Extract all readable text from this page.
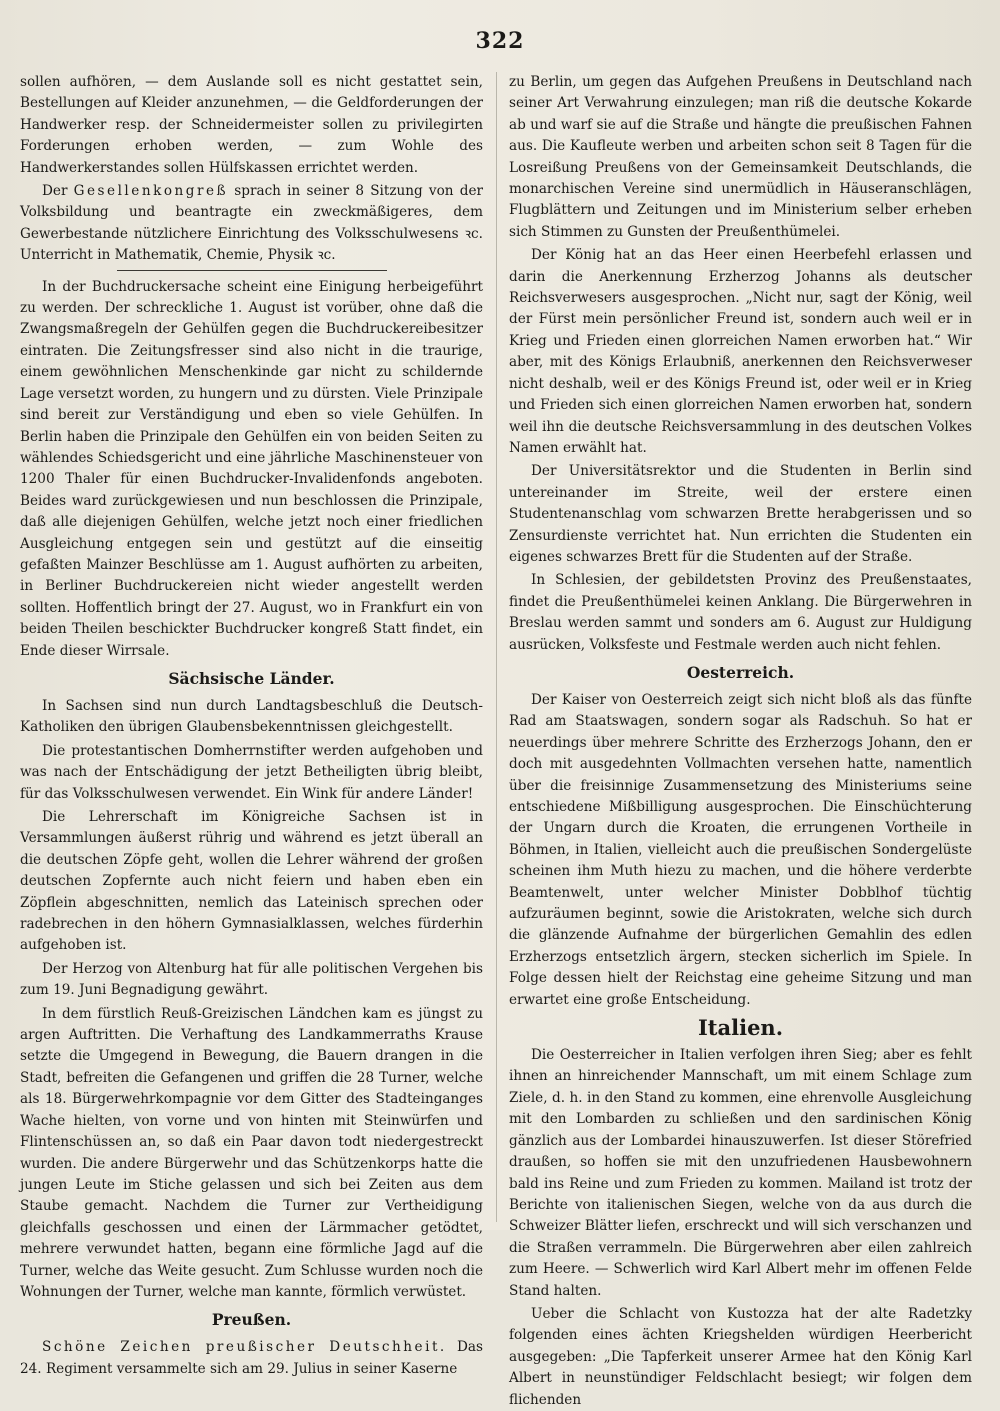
322

sollen aufhören, — dem Auslande soll es nicht gestattet sein, Bestellungen auf Kleider anzunehmen, — die Geldforderungen der Handwerker resp. der Schneidermeister sollen zu privilegirten Forderungen erhoben werden, — zum Wohle des Handwerkerstandes sollen Hülfskassen errichtet werden.

Der Gesellenkongreß sprach in seiner 8 Sitzung von der Volksbildung und beantragte ein zweckmäßigeres, dem Gewerbestande nützlichere Einrichtung des Volksschulwesens ꝛc. Unterricht in Mathematik, Chemie, Physik ꝛc.

In der Buchdruckersache scheint eine Einigung herbeigeführt zu werden. Der schreckliche 1. August ist vorüber, ohne daß die Zwangsmaßregeln der Gehülfen gegen die Buchdruckereibesitzer eintraten. Die Zeitungsfresser sind also nicht in die traurige, einem gewöhnlichen Menschenkinde gar nicht zu schildernde Lage versetzt worden, zu hungern und zu dürsten. Viele Prinzipale sind bereit zur Verständigung und eben so viele Gehülfen. In Berlin haben die Prinzipale den Gehülfen ein von beiden Seiten zu wählendes Schiedsgericht und eine jährliche Maschinensteuer von 1200 Thaler für einen Buchdrucker-Invalidenfonds angeboten. Beides ward zurückgewiesen und nun beschlossen die Prinzipale, daß alle diejenigen Gehülfen, welche jetzt noch einer friedlichen Ausgleichung entgegen sein und gestützt auf die einseitig gefaßten Mainzer Beschlüsse am 1. August aufhörten zu arbeiten, in Berliner Buchdruckereien nicht wieder angestellt werden sollten. Hoffentlich bringt der 27. August, wo in Frankfurt ein von beiden Theilen beschickter Buchdrucker kongreß Statt findet, ein Ende dieser Wirrsale.

Sächsische Länder.

In Sachsen sind nun durch Landtagsbeschluß die Deutsch-Katholiken den übrigen Glaubensbekenntnissen gleichgestellt.

Die protestantischen Domherrnstifter werden aufgehoben und was nach der Entschädigung der jetzt Betheiligten übrig bleibt, für das Volksschulwesen verwendet. Ein Wink für andere Länder!

Die Lehrerschaft im Königreiche Sachsen ist in Versammlungen äußerst rührig und während es jetzt überall an die deutschen Zöpfe geht, wollen die Lehrer während der großen deutschen Zopfernte auch nicht feiern und haben eben ein Zöpflein abgeschnitten, nemlich das Lateinisch sprechen oder radebrechen in den höhern Gymnasialklassen, welches fürderhin aufgehoben ist.

Der Herzog von Altenburg hat für alle politischen Vergehen bis zum 19. Juni Begnadigung gewährt.

In dem fürstlich Reuß-Greizischen Ländchen kam es jüngst zu argen Auftritten. Die Verhaftung des Landkammerraths Krause setzte die Umgegend in Bewegung, die Bauern drangen in die Stadt, befreiten die Gefangenen und griffen die 28 Turner, welche als 18. Bürgerwehrkompagnie vor dem Gitter des Stadteinganges Wache hielten, von vorne und von hinten mit Steinwürfen und Flintenschüssen an, so daß ein Paar davon todt niedergestreckt wurden. Die andere Bürgerwehr und das Schützenkorps hatte die jungen Leute im Stiche gelassen und sich bei Zeiten aus dem Staube gemacht. Nachdem die Turner zur Vertheidigung gleichfalls geschossen und einen der Lärmmacher getödtet, mehrere verwundet hatten, begann eine förmliche Jagd auf die Turner, welche das Weite gesucht. Zum Schlusse wurden noch die Wohnungen der Turner, welche man kannte, förmlich verwüstet.

Preußen.

Schöne Zeichen preußischer Deutschheit. Das 24. Regiment versammelte sich am 29. Julius in seiner Kaserne

zu Berlin, um gegen das Aufgehen Preußens in Deutschland nach seiner Art Verwahrung einzulegen; man riß die deutsche Kokarde ab und warf sie auf die Straße und hängte die preußischen Fahnen aus. Die Kaufleute werben und arbeiten schon seit 8 Tagen für die Losreißung Preußens von der Gemeinsamkeit Deutschlands, die monarchischen Vereine sind unermüdlich in Häuseranschlägen, Flugblättern und Zeitungen und im Ministerium selber erheben sich Stimmen zu Gunsten der Preußenthümelei.

Der König hat an das Heer einen Heerbefehl erlassen und darin die Anerkennung Erzherzog Johanns als deutscher Reichsverwesers ausgesprochen. „Nicht nur, sagt der König, weil der Fürst mein persönlicher Freund ist, sondern auch weil er in Krieg und Frieden einen glorreichen Namen erworben hat.“ Wir aber, mit des Königs Erlaubniß, anerkennen den Reichsverweser nicht deshalb, weil er des Königs Freund ist, oder weil er in Krieg und Frieden sich einen glorreichen Namen erworben hat, sondern weil ihn die deutsche Reichsversammlung in des deutschen Volkes Namen erwählt hat.

Der Universitätsrektor und die Studenten in Berlin sind untereinander im Streite, weil der erstere einen Studentenanschlag vom schwarzen Brette herabgerissen und so Zensurdienste verrichtet hat. Nun errichten die Studenten ein eigenes schwarzes Brett für die Studenten auf der Straße.

In Schlesien, der gebildetsten Provinz des Preußenstaates, findet die Preußenthümelei keinen Anklang. Die Bürgerwehren in Breslau werden sammt und sonders am 6. August zur Huldigung ausrücken, Volksfeste und Festmale werden auch nicht fehlen.

Oesterreich.

Der Kaiser von Oesterreich zeigt sich nicht bloß als das fünfte Rad am Staatswagen, sondern sogar als Radschuh. So hat er neuerdings über mehrere Schritte des Erzherzogs Johann, den er doch mit ausgedehnten Vollmachten versehen hatte, namentlich über die freisinnige Zusammensetzung des Ministeriums seine entschiedene Mißbilligung ausgesprochen. Die Einschüchterung der Ungarn durch die Kroaten, die errungenen Vortheile in Böhmen, in Italien, vielleicht auch die preußischen Sondergelüste scheinen ihm Muth hiezu zu machen, und die höhere verderbte Beamtenwelt, unter welcher Minister Dobblhof tüchtig aufzuräumen beginnt, sowie die Aristokraten, welche sich durch die glänzende Aufnahme der bürgerlichen Gemahlin des edlen Erzherzogs entsetzlich ärgern, stecken sicherlich im Spiele. In Folge dessen hielt der Reichstag eine geheime Sitzung und man erwartet eine große Entscheidung.

Italien.

Die Oesterreicher in Italien verfolgen ihren Sieg; aber es fehlt ihnen an hinreichender Mannschaft, um mit einem Schlage zum Ziele, d. h. in den Stand zu kommen, eine ehrenvolle Ausgleichung mit den Lombarden zu schließen und den sardinischen König gänzlich aus der Lombardei hinauszuwerfen. Ist dieser Störefried draußen, so hoffen sie mit den unzufriedenen Hausbewohnern bald ins Reine und zum Frieden zu kommen. Mailand ist trotz der Berichte von italienischen Siegen, welche von da aus durch die Schweizer Blätter liefen, erschreckt und will sich verschanzen und die Straßen verrammeln. Die Bürgerwehren aber eilen zahlreich zum Heere. — Schwerlich wird Karl Albert mehr im offenen Felde Stand halten.

Ueber die Schlacht von Kustozza hat der alte Radetzky folgenden eines ächten Kriegshelden würdigen Heerbericht ausgegeben: „Die Tapferkeit unserer Armee hat den König Karl Albert in neunstündiger Feldschlacht besiegt; wir folgen dem flichenden
